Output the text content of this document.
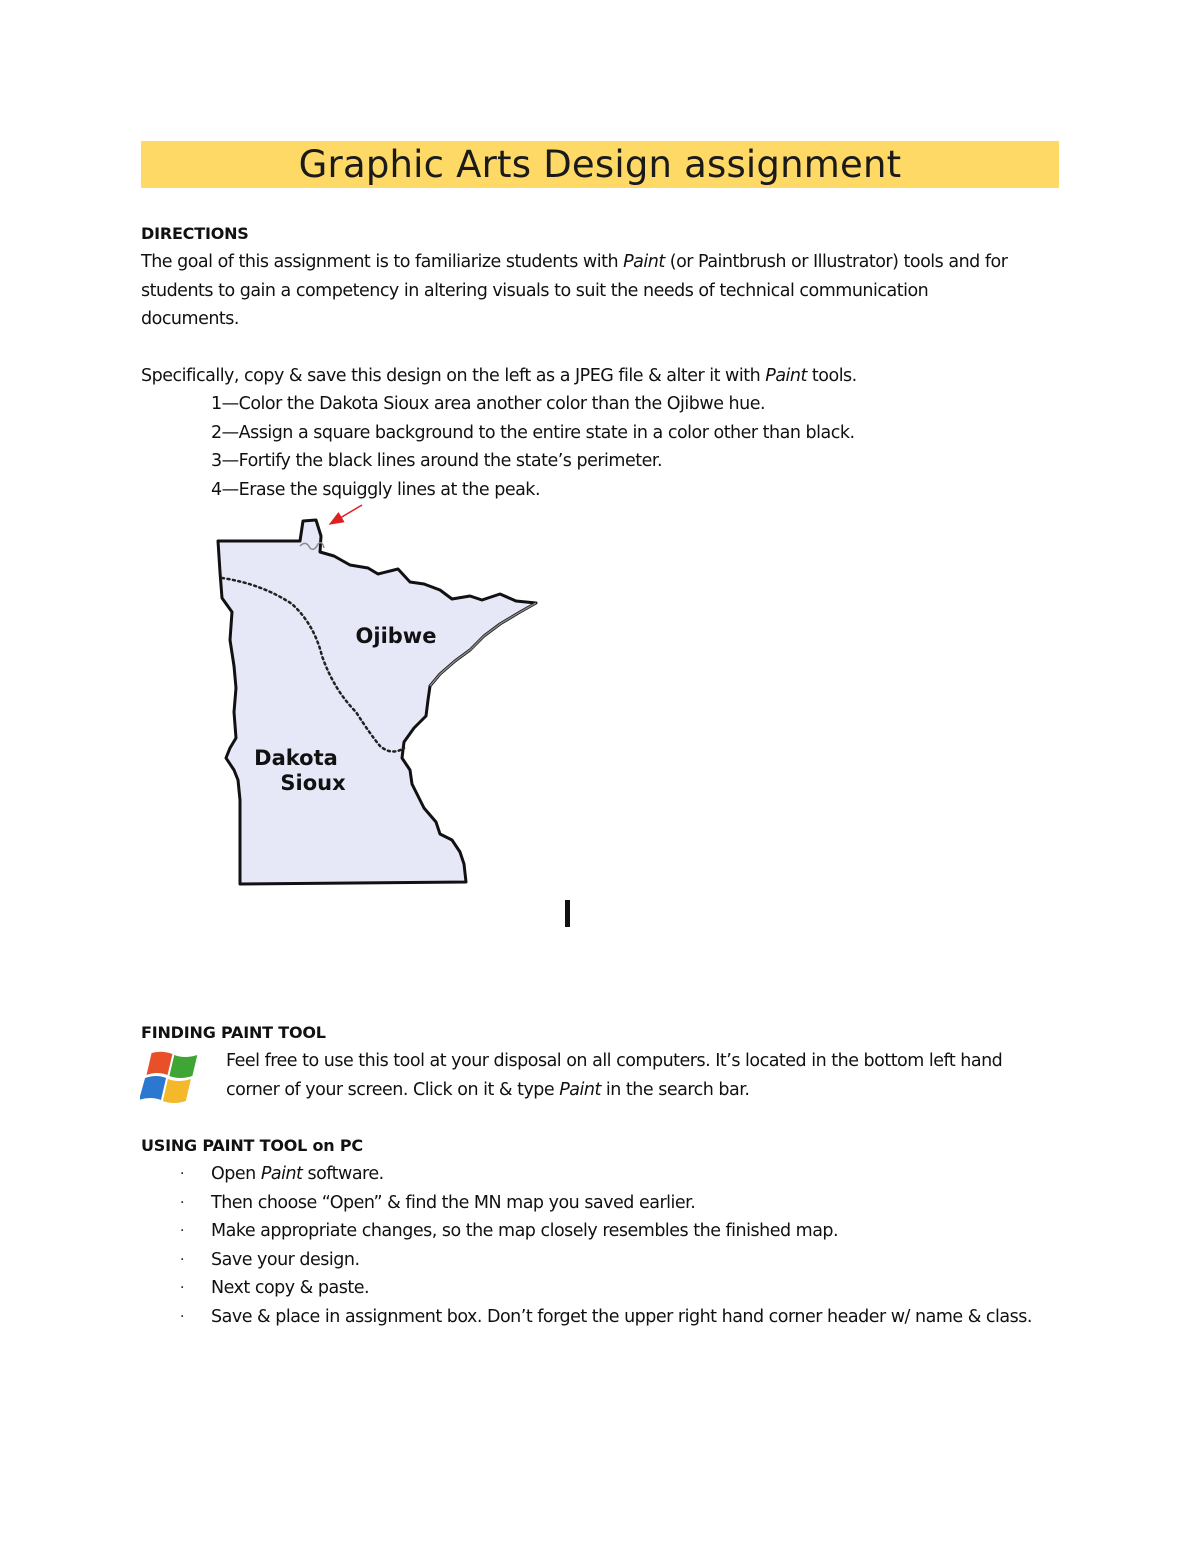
Graphic Arts Design assignment
DIRECTIONS
The goal of this assignment is to familiarize students with Paint (or Paintbrush or Illustrator) tools and for
students to gain a competency in altering visuals to suit the needs of technical communication
documents.
Specifically, copy & save this design on the left as a JPEG file & alter it with Paint tools.
1—Color the Dakota Sioux area another color than the Ojibwe hue.
2—Assign a square background to the entire state in a color other than black.
3—Fortify the black lines around the state’s perimeter.
4—Erase the squiggly lines at the peak.
Ojibwe
Dakota
Sioux
FINDING PAINT TOOL
Feel free to use this tool at your disposal on all computers. It’s located in the bottom left hand
corner of your screen. Click on it & type Paint in the search bar.
USING PAINT TOOL on PC
· Open Paint software.
· Then choose “Open” & find the MN map you saved earlier.
· Make appropriate changes, so the map closely resembles the finished map.
· Save your design.
· Next copy & paste.
· Save & place in assignment box. Don’t forget the upper right hand corner header w/ name & class.
